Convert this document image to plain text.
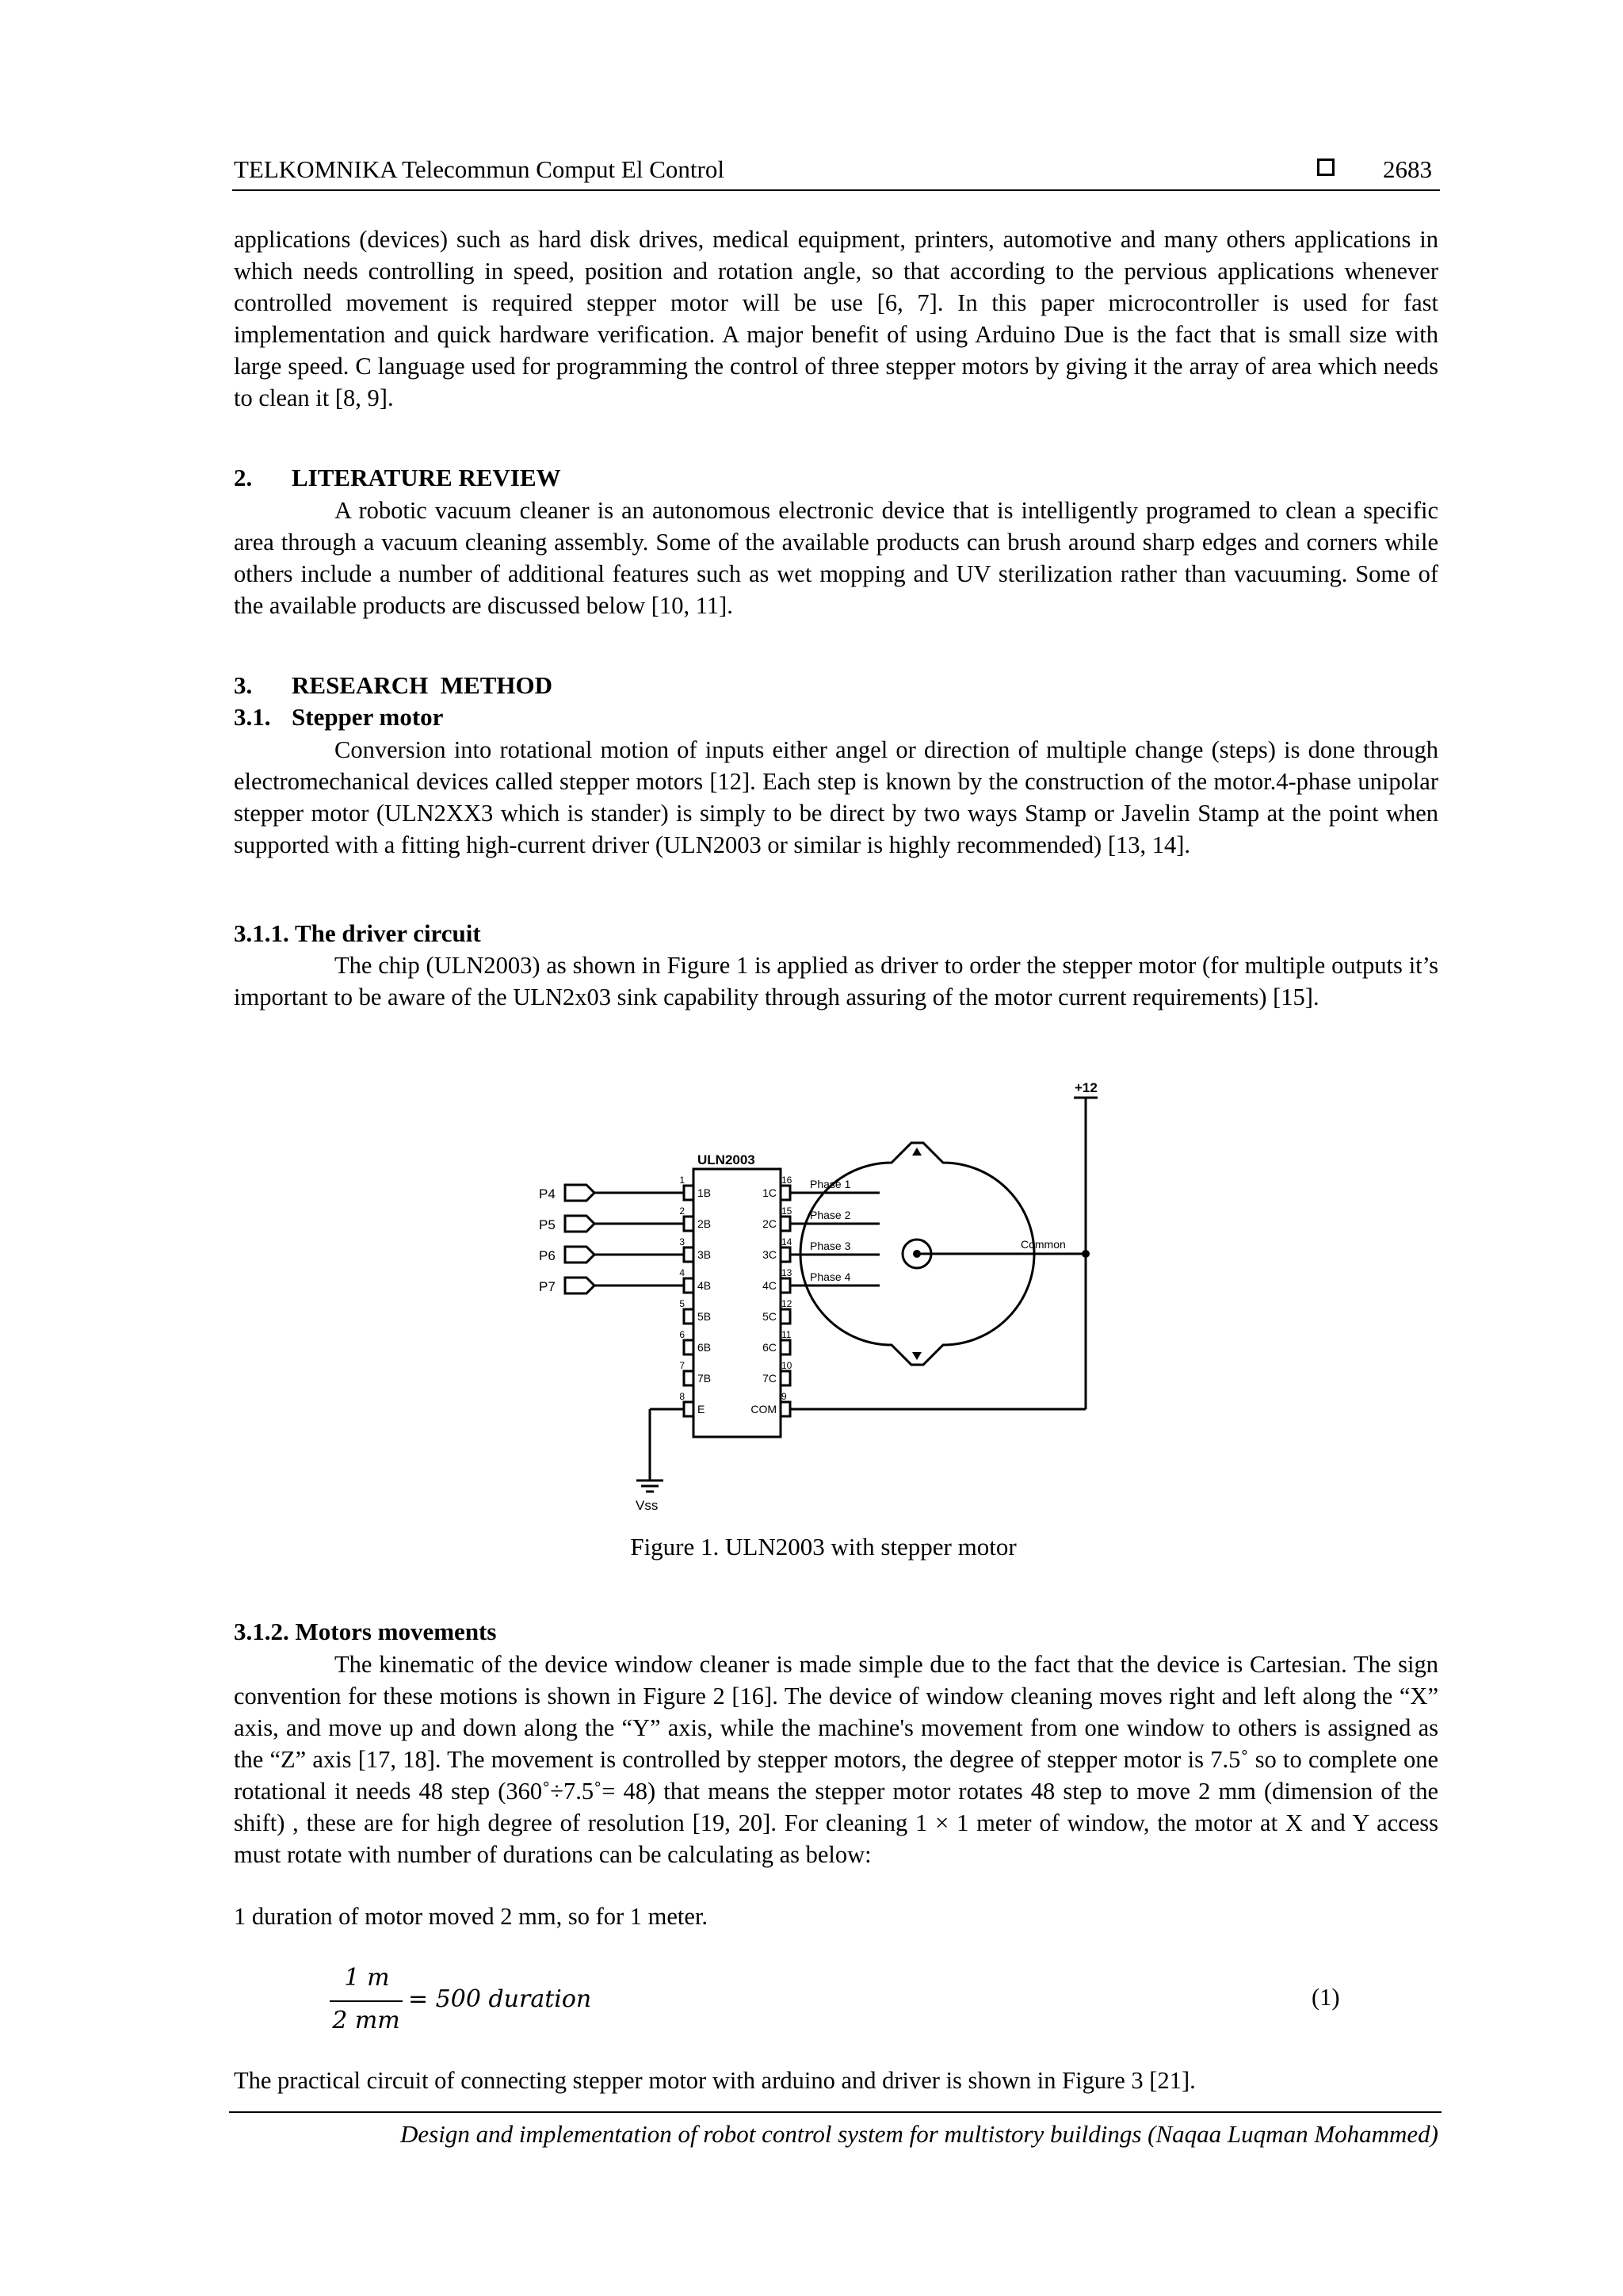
TELKOMNIKA Telecommun Comput El Control	2683
applications (devices) such as hard disk drives, medical equipment, printers, automotive and many others applications in which needs controlling in speed, position and rotation angle, so that according to the pervious applications whenever controlled movement is required stepper motor will be use [6, 7]. In this paper microcontroller is used for fast implementation and quick hardware verification. A major benefit of using Arduino Due is the fact that is small size with large speed. C language used for programming the control of three stepper motors by giving it the array of area which needs to clean it [8, 9].
2. LITERATURE REVIEW
A robotic vacuum cleaner is an autonomous electronic device that is intelligently programed to clean a specific area through a vacuum cleaning assembly. Some of the available products can brush around sharp edges and corners while others include a number of additional features such as wet mopping and UV sterilization rather than vacuuming. Some of the available products are discussed below [10, 11].
3. RESEARCH  METHOD
3.1. Stepper motor
Conversion into rotational motion of inputs either angel or direction of multiple change (steps) is done through electromechanical devices called stepper motors [12]. Each step is known by the construction of the motor.4-phase unipolar stepper motor (ULN2XX3 which is stander) is simply to be direct by two ways Stamp or Javelin Stamp at the point when supported with a fitting high-current driver (ULN2003 or similar is highly recommended) [13, 14].
3.1.1. The driver circuit
The chip (ULN2003) as shown in Figure 1 is applied as driver to order the stepper motor (for multiple outputs it’s important to be aware of the ULN2x03 sink capability through assuring of the motor current requirements) [15].
ULN2003
P4
P5
P6
P7
1B
2B
3B
4B
5B
6B
7B
E
1C
2C
3C
4C
5C
6C
7C
COM
1
2
3
4
5
6
7
8
16
15
14
13
12
11
10
9
Phase 1
Phase 2
Phase 3
Phase 4
Common
+12
Vss
Figure 1. ULN2003 with stepper motor
3.1.2. Motors movements
The kinematic of the device window cleaner is made simple due to the fact that the device is Cartesian. The sign convention for these motions is shown in Figure 2 [16]. The device of window cleaning moves right and left along the “X” axis, and move up and down along the “Y” axis, while the machine's movement from one window to others is assigned as the “Z” axis [17, 18]. The movement is controlled by stepper motors, the degree of stepper motor is 7.5˚ so to complete one rotational it needs 48 step (360˚÷7.5˚= 48) that means the stepper motor rotates 48 step to move 2 mm (dimension of the shift) , these are for high degree of resolution [19, 20]. For cleaning 1 × 1 meter of window, the motor at X and Y access must rotate with number of durations can be calculating as below:
1 duration of motor moved 2 mm, so for 1 meter.
1 m
2 mm
= 500 duration	(1)
The practical circuit of connecting stepper motor with arduino and driver is shown in Figure 3 [21].
Design and implementation of robot control system for multistory buildings (Naqaa Luqman Mohammed)
